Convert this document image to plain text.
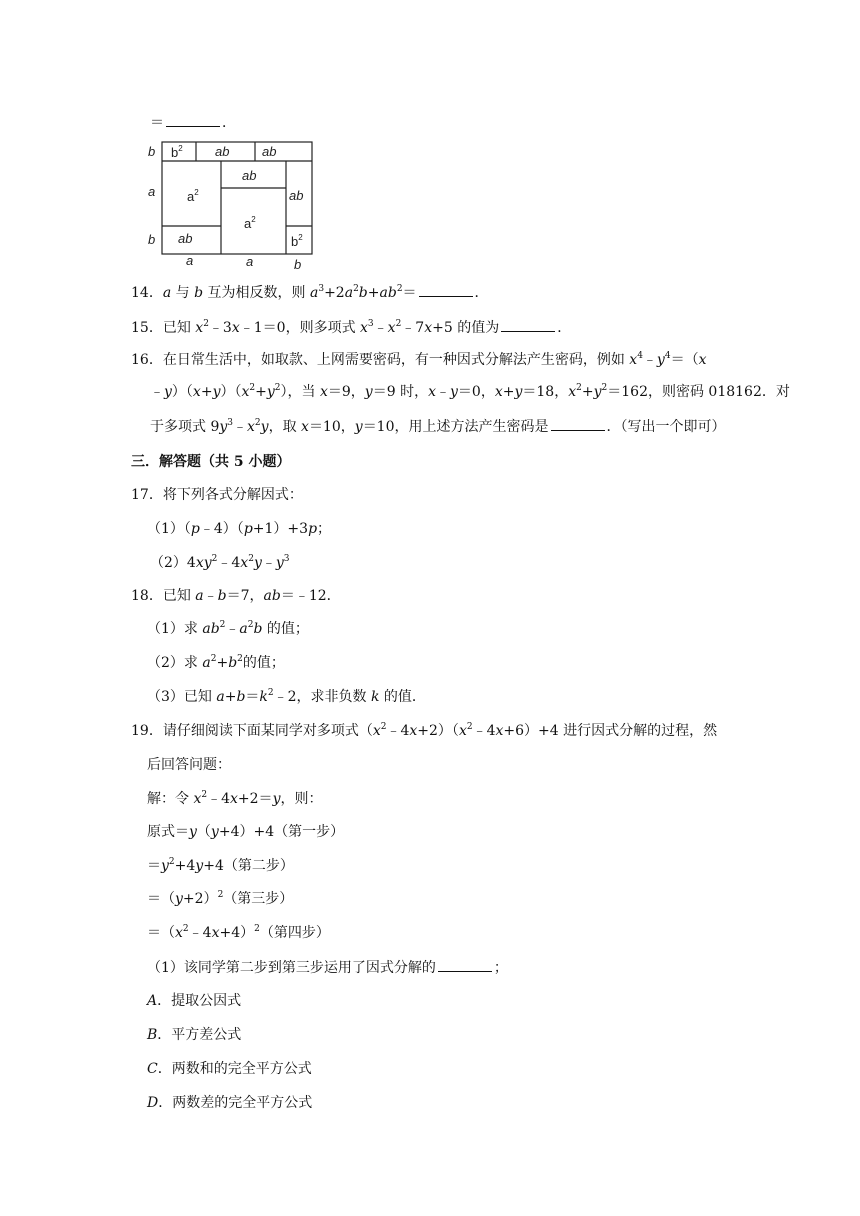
＝	．
$b^2$ ab	ab
$a^2$
ab
ab
$a^2$
ab
$b^2$
b
a
b
a	a	b
14．a 与 b 互为相反数，则 $a^3+2a^2b+ab^2=$	．
15．已知 $x^2﹣3x﹣1=0$，则多项式 $x^3﹣x^2﹣7x+5$ 的值为	．
16．在日常生活中，如取款、上网需要密码，有一种因式分解法产生密码，例如 $x^4﹣y^4=(x$
$﹣y)(x+y)(x^2+y^2)$，当 x＝9，y＝9 时，x﹣y＝0，x+y＝18，$x^2+y^2=162$，则密码 018162．对
于多项式 $9y^3﹣x^2y$，取 x＝10，y＝10，用上述方法产生密码是	．（写出一个即可）
三．解答题（共 5 小题）
17．将下列各式分解因式：
（1）（p﹣4）（p+1）+3p；
$(2)4xy^2﹣4x^2y﹣y^3$
18．已知 a﹣b＝7，ab＝﹣12．
（1）求 $ab^2﹣a^2b$ 的值；
（2）求 $a^2+b^2$的值；
（3）已知 $a+b=k^2﹣2$，求非负数 k 的值．
19．请仔细阅读下面某同学对多项式$(x^2﹣4x+2)(x^2﹣4x+6)+4$ 进行因式分解的过程，然
后回答问题：
解：令 $x^2﹣4x+2=y$，则：
原式＝y（y+4）+4（第一步）
$=y^2+4y+4$（第二步）
$=(y+2)^2$（第三步）
$=(x^2﹣4x+4)^2$（第四步）
（1）该同学第二步到第三步运用了因式分解的	；
A．提取公因式
B．平方差公式
C．两数和的完全平方公式
D．两数差的完全平方公式
